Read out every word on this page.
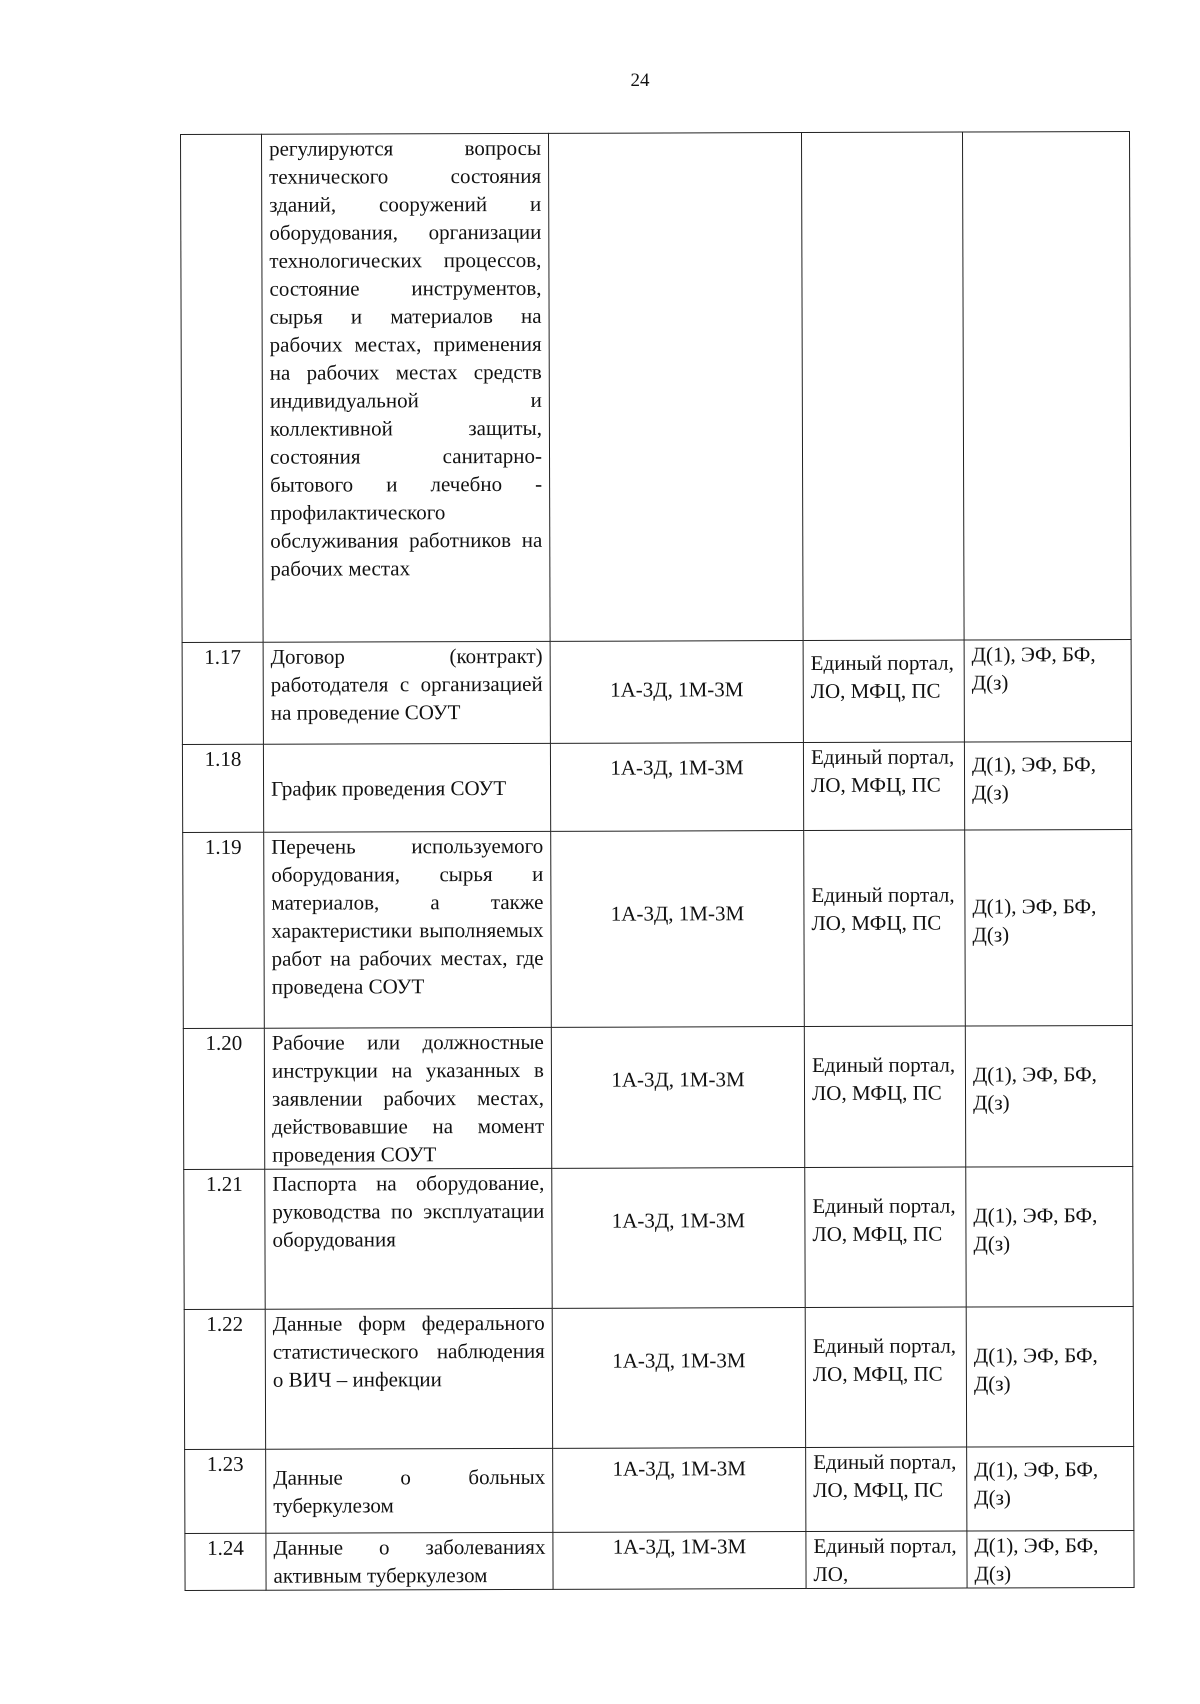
24
	регулируются вопросы технического состояния зданий, сооружений и оборудования, организации технологических процессов, состояние инструментов, сырья и материалов на рабочих местах, применения на рабочих местах средств индивидуальной и коллективной защиты, состояния санитарно-бытового и лечебно - профилактического обслуживания работников на рабочих местах			
1.17	Договор (контракт) работодателя с организацией на проведение СОУТ	1А-3Д, 1М-3М	Единый портал, ЛО, МФЦ, ПС	Д(1), ЭФ, БФ, Д(з)
1.18	График проведения СОУТ	1А-3Д, 1М-3М	Единый портал, ЛО, МФЦ, ПС	Д(1), ЭФ, БФ, Д(з)
1.19	Перечень используемого оборудования, сырья и материалов, а также характеристики выполняемых работ на рабочих местах, где проведена СОУТ	1А-3Д, 1М-3М	Единый портал, ЛО, МФЦ, ПС	Д(1), ЭФ, БФ, Д(з)
1.20	Рабочие или должностные инструкции на указанных в заявлении рабочих местах, действовавшие на момент проведения СОУТ	1А-3Д, 1М-3М	Единый портал, ЛО, МФЦ, ПС	Д(1), ЭФ, БФ, Д(з)
1.21	Паспорта на оборудование, руководства по эксплуатации оборудования	1А-3Д, 1М-3М	Единый портал, ЛО, МФЦ, ПС	Д(1), ЭФ, БФ, Д(з)
1.22	Данные форм федерального статистического наблюдения о ВИЧ – инфекции	1А-3Д, 1М-3М	Единый портал, ЛО, МФЦ, ПС	Д(1), ЭФ, БФ, Д(з)
1.23	Данные о больных туберкулезом	1А-3Д, 1М-3М	Единый портал, ЛО, МФЦ, ПС	Д(1), ЭФ, БФ, Д(з)
1.24	Данные о заболеваниях активным туберкулезом	1А-3Д, 1М-3М	Единый портал, ЛО,	Д(1), ЭФ, БФ, Д(з)
